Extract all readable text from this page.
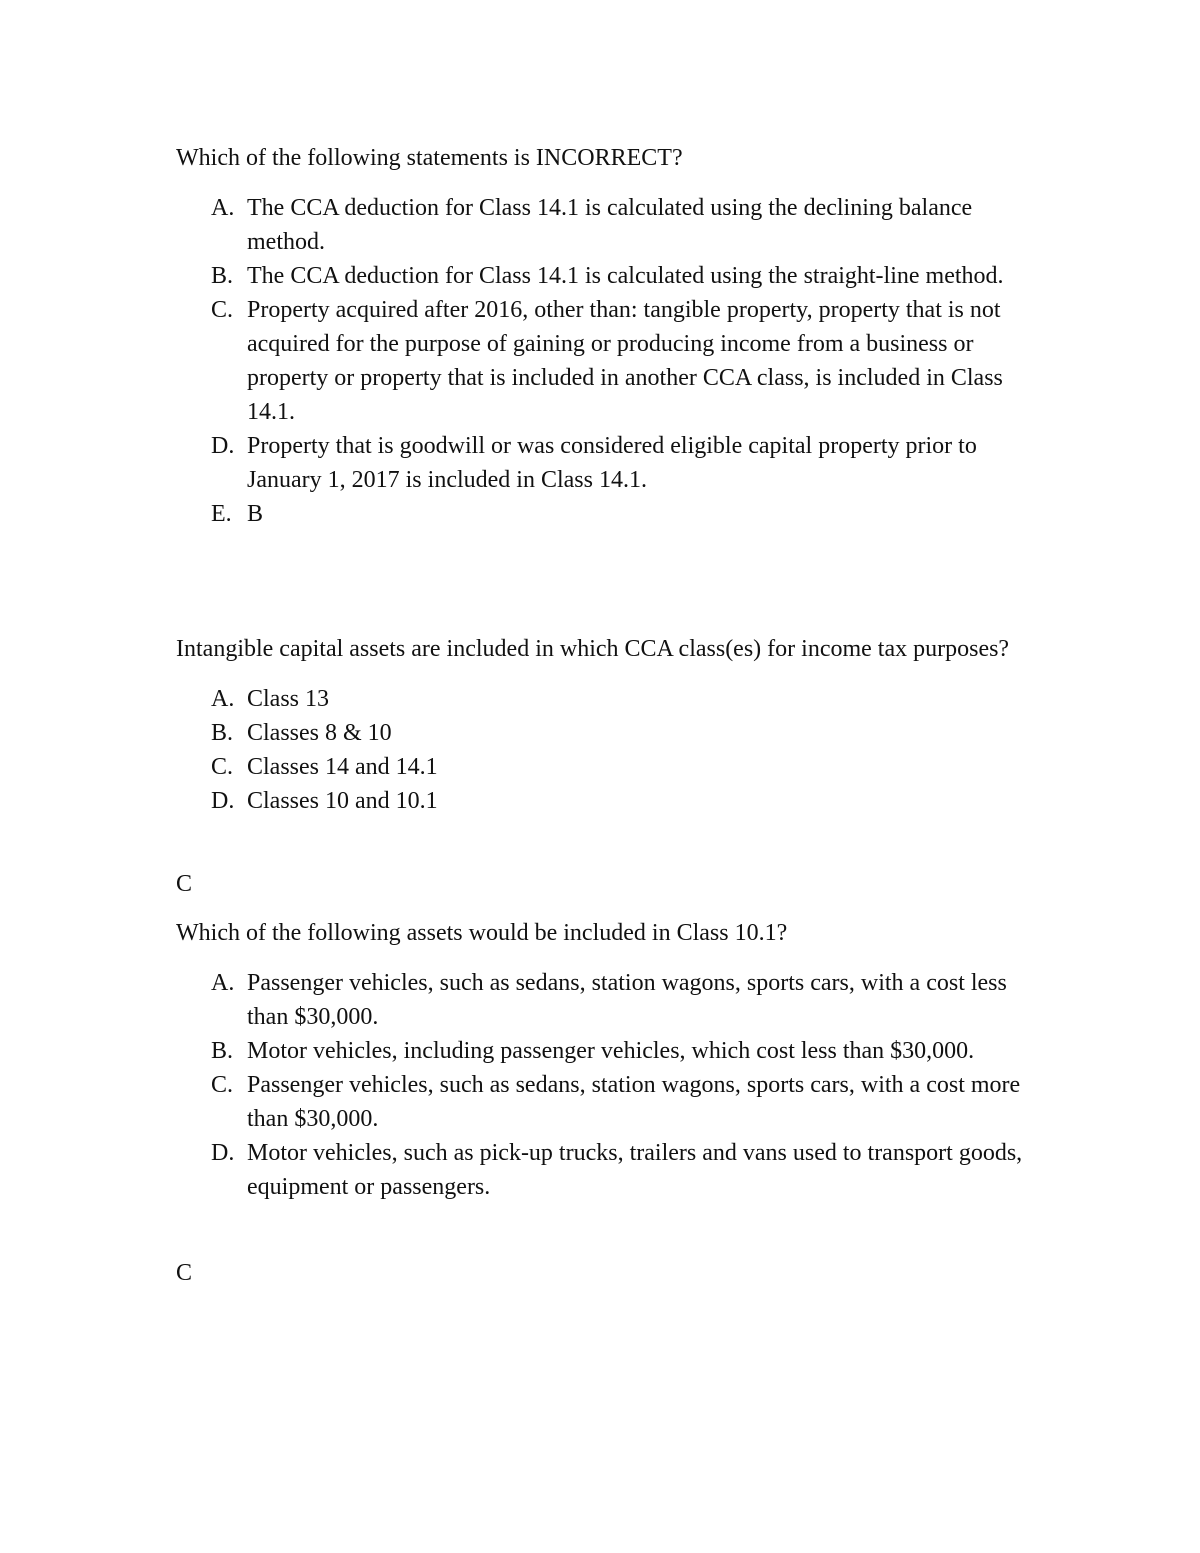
Which of the following statements is INCORRECT?

A. The CCA deduction for Class 14.1 is calculated using the declining balance method.
B. The CCA deduction for Class 14.1 is calculated using the straight-line method.
C. Property acquired after 2016, other than: tangible property, property that is not acquired for the purpose of gaining or producing income from a business or property or property that is included in another CCA class, is included in Class 14.1.
D. Property that is goodwill or was considered eligible capital property prior to January 1, 2017 is included in Class 14.1.
E. B

Intangible capital assets are included in which CCA class(es) for income tax purposes?

A. Class 13
B. Classes 8 & 10
C. Classes 14 and 14.1
D. Classes 10 and 10.1
C

Which of the following assets would be included in Class 10.1?

A. Passenger vehicles, such as sedans, station wagons, sports cars, with a cost less than $30,000.
B. Motor vehicles, including passenger vehicles, which cost less than $30,000.
C. Passenger vehicles, such as sedans, station wagons, sports cars, with a cost more than $30,000.
D. Motor vehicles, such as pick-up trucks, trailers and vans used to transport goods, equipment or passengers.
C
